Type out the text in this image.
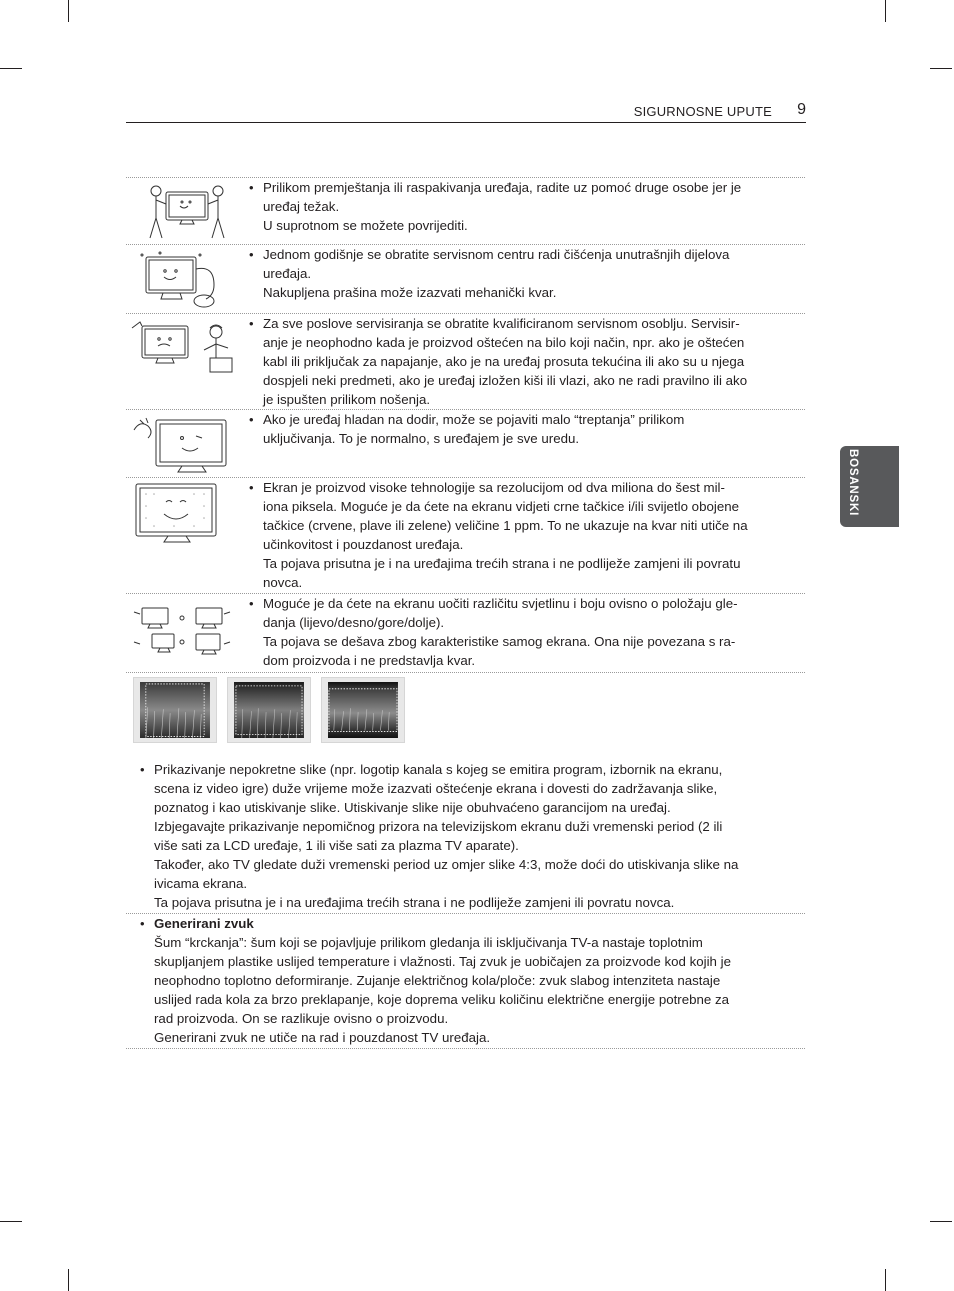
SIGURNOSNE UPUTE 9
BOSANSKI
• Prilikom premještanja ili raspakivanja uređaja, radite uz pomoć druge osobe jer je
uređaj težak.
U suprotnom se možete povrijediti.
• Jednom godišnje se obratite servisnom centru radi čišćenja unutrašnjih dijelova
uređaja.
Nakupljena prašina može izazvati mehanički kvar.
• Za sve poslove servisiranja se obratite kvalificiranom servisnom osoblju. Servisir-
anje je neophodno kada je proizvod oštećen na bilo koji način, npr. ako je oštećen
kabl ili priključak za napajanje, ako je na uređaj prosuta tekućina ili ako su u njega
dospjeli neki predmeti, ako je uređaj izložen kiši ili vlazi, ako ne radi pravilno ili ako
je ispušten prilikom nošenja.
• Ako je uređaj hladan na dodir, može se pojaviti malo “treptanja” prilikom
uključivanja. To je normalno, s uređajem je sve uredu.
• Ekran je proizvod visoke tehnologije sa rezolucijom od dva miliona do šest mil-
iona piksela. Moguće je da ćete na ekranu vidjeti crne tačkice i/ili svijetlo obojene
tačkice (crvene, plave ili zelene) veličine 1 ppm. To ne ukazuje na kvar niti utiče na
učinkovitost i pouzdanost uređaja.
Ta pojava prisutna je i na uređajima trećih strana i ne podliježe zamjeni ili povratu
novca.
• Moguće je da ćete na ekranu uočiti različitu svjetlinu i boju ovisno o položaju gle-
danja (lijevo/desno/gore/dolje).
Ta pojava se dešava zbog karakteristike samog ekrana. Ona nije povezana s ra-
dom proizvoda i ne predstavlja kvar.
• Prikazivanje nepokretne slike (npr. logotip kanala s kojeg se emitira program, izbornik na ekranu,
scena iz video igre) duže vrijeme može izazvati oštećenje ekrana i dovesti do zadržavanja slike,
poznatog i kao utiskivanje slike. Utiskivanje slike nije obuhvaćeno garancijom na uređaj.
Izbjegavajte prikazivanje nepomičnog prizora na televizijskom ekranu duži vremenski period (2 ili
više sati za LCD uređaje, 1 ili više sati za plazma TV aparate).
Također, ako TV gledate duži vremenski period uz omjer slike 4:3, može doći do utiskivanja slike na
ivicama ekrana.
Ta pojava prisutna je i na uređajima trećih strana i ne podliježe zamjeni ili povratu novca.
• Generirani zvuk
Šum “krckanja”: šum koji se pojavljuje prilikom gledanja ili isključivanja TV-a nastaje toplotnim
skupljanjem plastike uslijed temperature i vlažnosti. Taj zvuk je uobičajen za proizvode kod kojih je
neophodno toplotno deformiranje. Zujanje električnog kola/ploče: zvuk slabog intenziteta nastaje
uslijed rada kola za brzo preklapanje, koje doprema veliku količinu električne energije potrebne za
rad proizvoda. On se razlikuje ovisno o proizvodu.
Generirani zvuk ne utiče na rad i pouzdanost TV uređaja.
